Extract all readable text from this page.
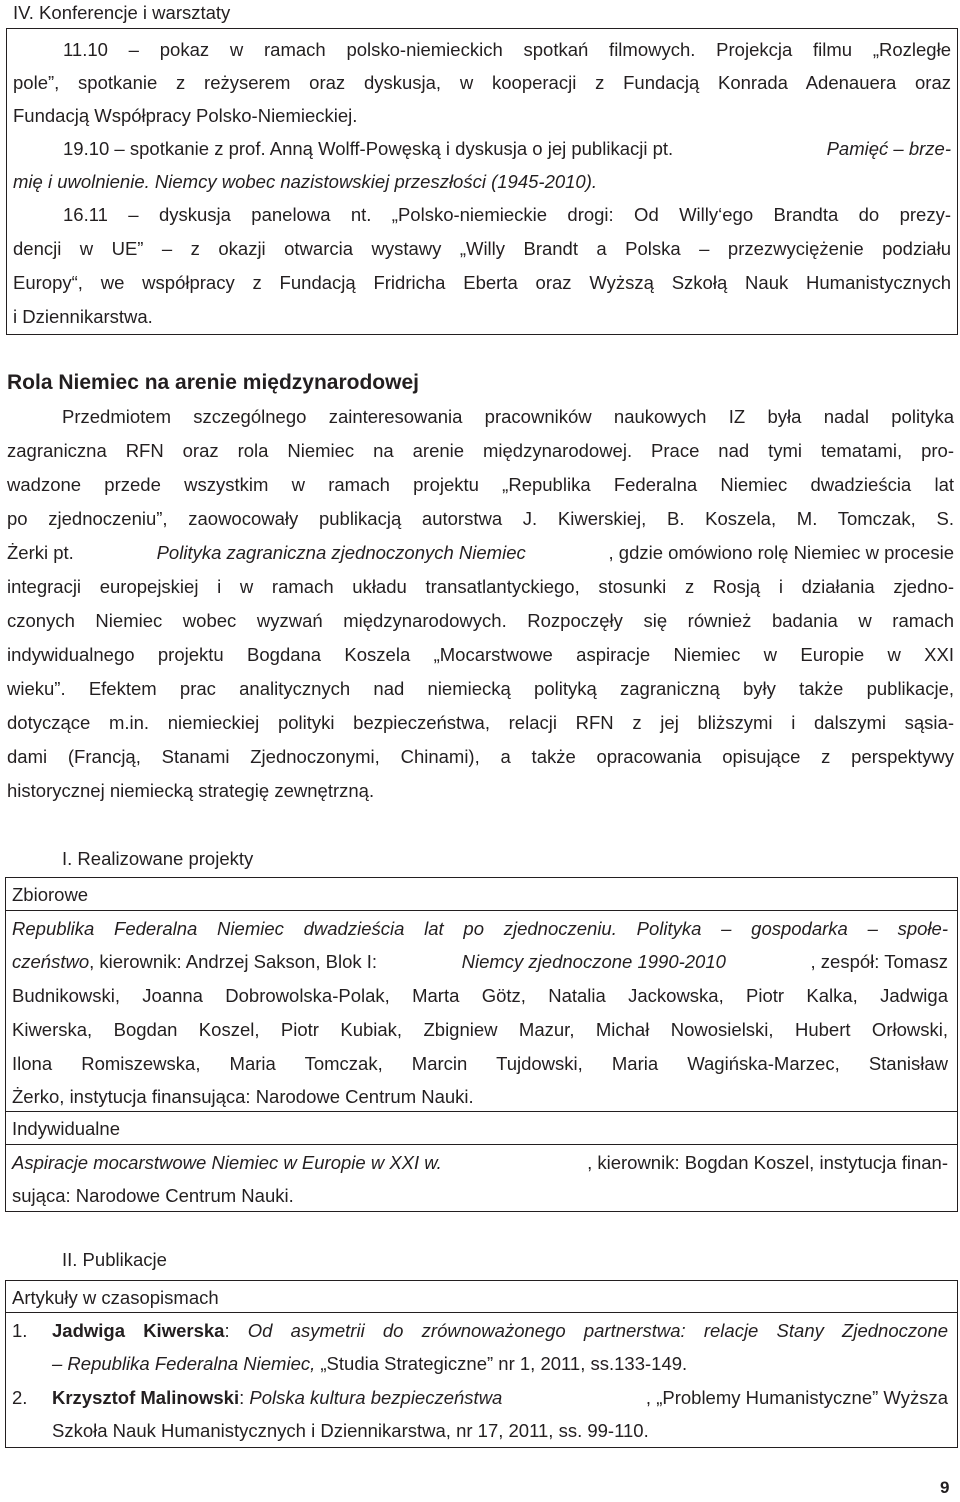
IV. Konferencje i warsztaty
11.10 – pokaz w ramach polsko-niemieckich spotkań filmowych. Projekcja filmu „Rozległe
pole”, spotkanie z reżyserem oraz dyskusja, w kooperacji z Fundacją Konrada Adenauera oraz
Fundacją Współpracy Polsko-Niemieckiej.
19.10 – spotkanie z prof. Anną Wolff-Powęską i dyskusja o jej publikacji pt.	Pamięć – brze-
mię i uwolnienie. Niemcy wobec nazistowskiej przeszłości (1945-2010).
16.11 – dyskusja panelowa nt. „Polsko-niemieckie drogi: Od Willy‘ego Brandta do prezy-
dencji w UE” – z okazji otwarcia wystawy „Willy Brandt a Polska – przezwyciężenie podziału
Europy“, we współpracy z Fundacją Fridricha Eberta oraz Wyższą Szkołą Nauk Humanistycznych
i Dziennikarstwa.
Rola Niemiec na arenie międzynarodowej
Przedmiotem szczególnego zainteresowania pracowników naukowych IZ była nadal polityka
zagraniczna RFN oraz rola Niemiec na arenie międzynarodowej. Prace nad tymi tematami, pro-
wadzone przede wszystkim w ramach projektu „Republika Federalna Niemiec dwadzieścia lat
po zjednoczeniu”, zaowocowały publikacją autorstwa J. Kiwerskiej, B. Koszela, M. Tomczak, S.
Żerki pt.	Polityka zagraniczna zjednoczonych Niemiec	, gdzie omówiono rolę Niemiec w procesie
integracji europejskiej i w ramach układu transatlantyckiego, stosunki z Rosją i działania zjedno-
czonych Niemiec wobec wyzwań międzynarodowych. Rozpoczęły się również badania w ramach
indywidualnego projektu Bogdana Koszela „Mocarstwowe aspiracje Niemiec w Europie w XXI
wieku”. Efektem prac analitycznych nad niemiecką polityką zagraniczną były także publikacje,
dotyczące m.in. niemieckiej polityki bezpieczeństwa, relacji RFN z jej bliższymi i dalszymi sąsia-
dami (Francją, Stanami Zjednoczonymi, Chinami), a także opracowania opisujące z perspektywy
historycznej niemiecką strategię zewnętrzną.
I. Realizowane projekty
Zbiorowe
Republika Federalna Niemiec dwadzieścia lat po zjednoczeniu. Polityka – gospodarka – społe-
czeństwo, kierownik: Andrzej Sakson, Blok I:	Niemcy zjednoczone 1990-2010	, zespół: Tomasz
Budnikowski, Joanna Dobrowolska-Polak, Marta Götz, Natalia Jackowska, Piotr Kalka, Jadwiga
Kiwerska, Bogdan Koszel, Piotr Kubiak, Zbigniew Mazur, Michał Nowosielski, Hubert Orłowski,
Ilona Romiszewska, Maria Tomczak, Marcin Tujdowski, Maria Wagińska-Marzec, Stanisław
Żerko, instytucja finansująca: Narodowe Centrum Nauki.
Indywidualne
Aspiracje mocarstwowe Niemiec w Europie w XXI w.	, kierownik: Bogdan Koszel, instytucja finan-
sująca: Narodowe Centrum Nauki.
II. Publikacje
Artykuły w czasopismach
1. Jadwiga Kiwerska: Od asymetrii do zrównoważonego partnerstwa: relacje Stany Zjednoczone
– Republika Federalna Niemiec, „Studia Strategiczne” nr 1, 2011, ss.133-149.
2. Krzysztof Malinowski: Polska kultura bezpieczeństwa	, „Problemy Humanistyczne” Wyższa
Szkoła Nauk Humanistycznych i Dziennikarstwa, nr 17, 2011, ss. 99-110.
9
